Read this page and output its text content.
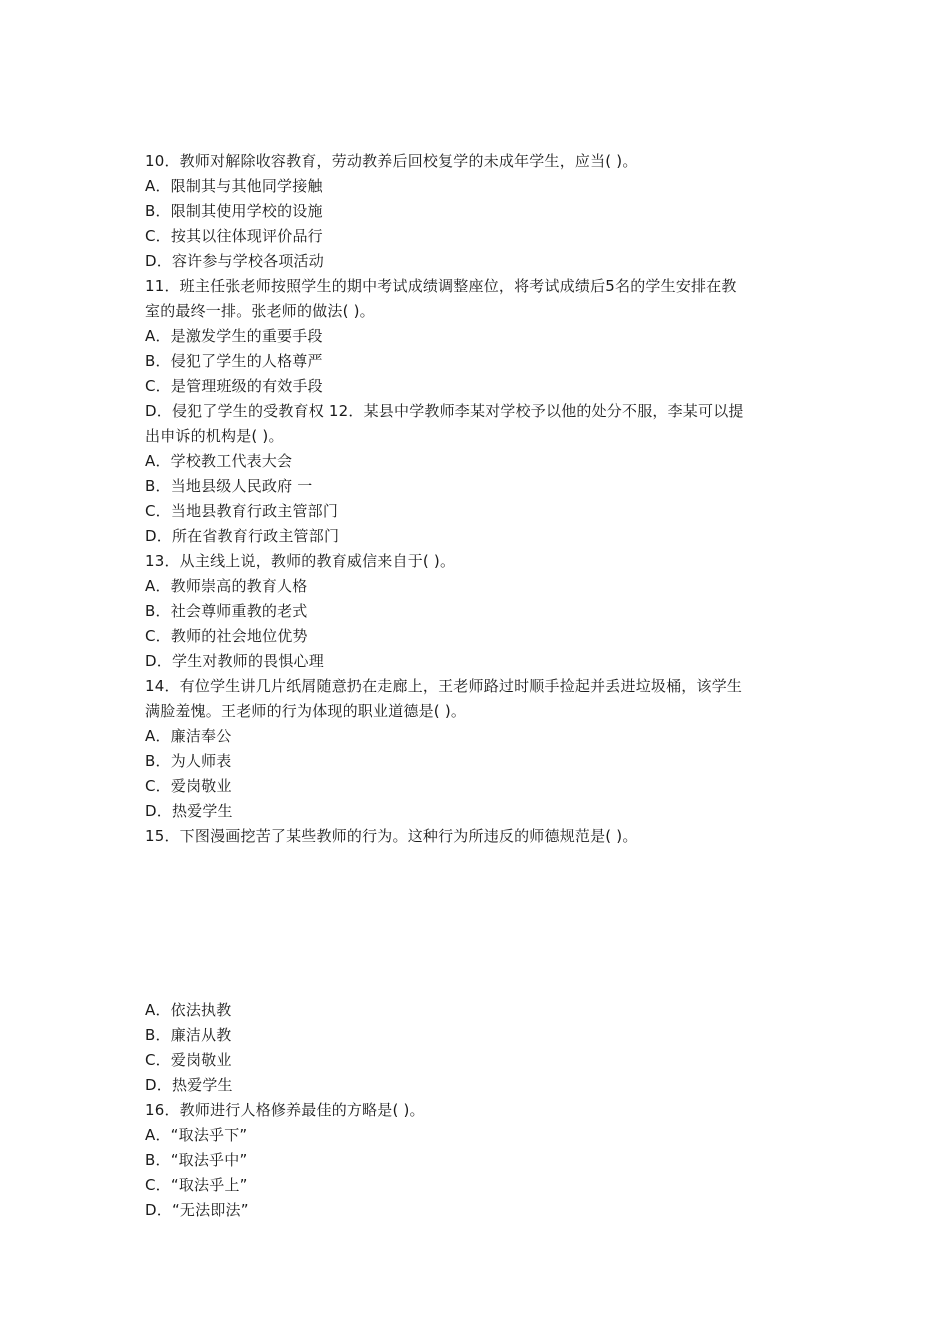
10．教师对解除收容教育，劳动教养后回校复学的未成年学生，应当( )。
A．限制其与其他同学接触
B．限制其使用学校的设施
C．按其以往体现评价品行
D．容许参与学校各项活动
11．班主任张老师按照学生的期中考试成绩调整座位，将考试成绩后5名的学生安排在教
室的最终一排。张老师的做法( )。
A．是激发学生的重要手段
B．侵犯了学生的人格尊严
C．是管理班级的有效手段
D．侵犯了学生的受教育权 12．某县中学教师李某对学校予以他的处分不服，李某可以提
出申诉的机构是( )。
A．学校教工代表大会
B．当地县级人民政府 一
C．当地县教育行政主管部门
D．所在省教育行政主管部门
13．从主线上说，教师的教育威信来自于( )。
A．教师崇高的教育人格
B．社会尊师重教的老式
C．教师的社会地位优势
D．学生对教师的畏惧心理
14．有位学生讲几片纸屑随意扔在走廊上，王老师路过时顺手捡起并丢进垃圾桶，该学生
满脸羞愧。王老师的行为体现的职业道德是( )。
A．廉洁奉公
B．为人师表
C．爱岗敬业
D．热爱学生
15．下图漫画挖苦了某些教师的行为。这种行为所违反的师德规范是( )。
A．依法执教
B．廉洁从教
C．爱岗敬业
D．热爱学生
16．教师进行人格修养最佳的方略是( )。
A．“取法乎下”
B．“取法乎中”
C．“取法乎上”
D．“无法即法”
